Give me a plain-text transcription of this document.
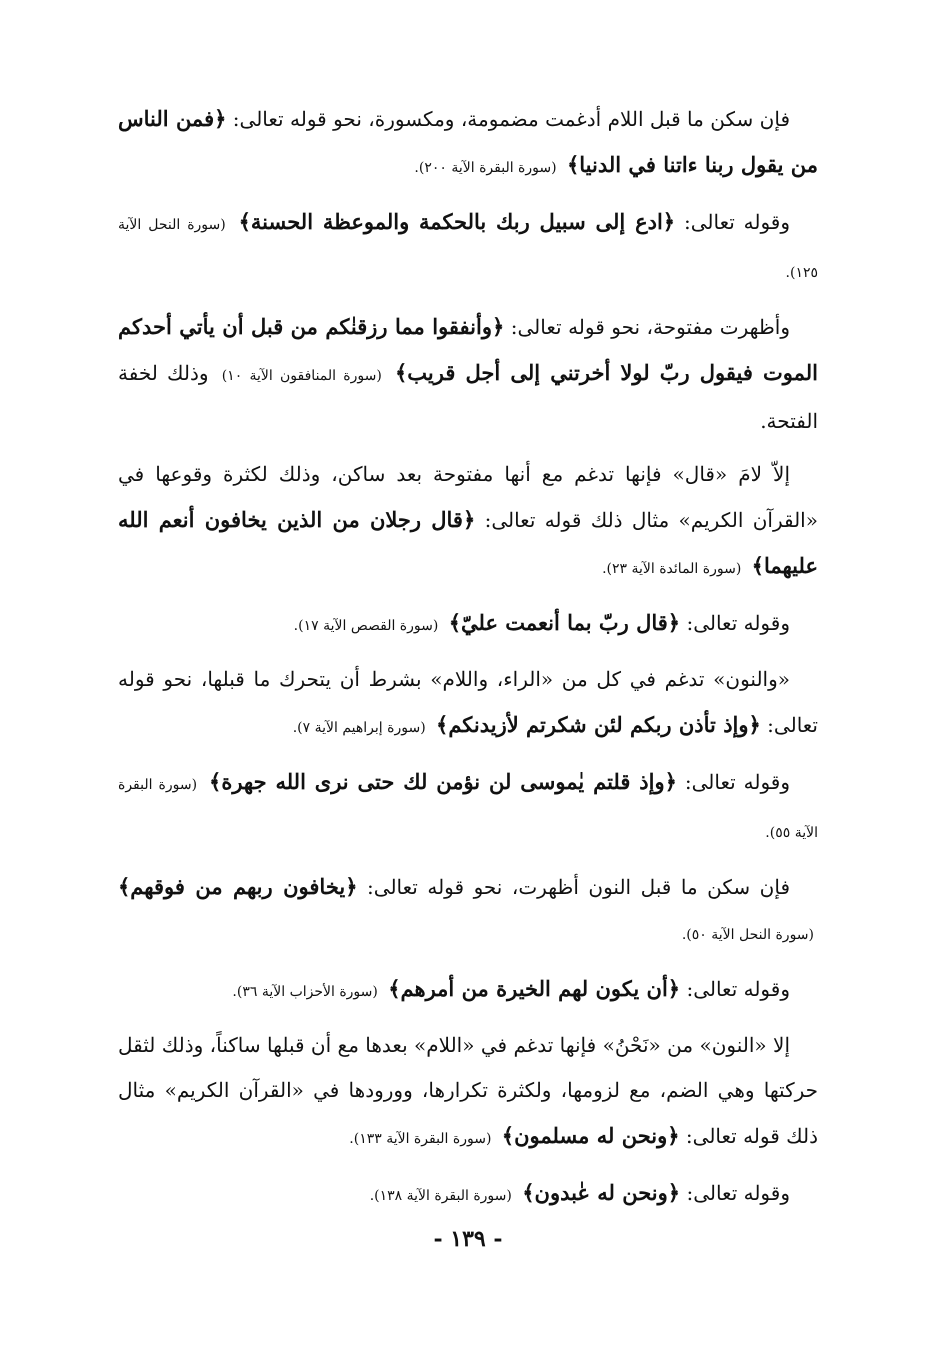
فإن سكن ما قبل اللام أدغمت مضمومة، ومكسورة، نحو قوله تعالى: ﴿فمن الناس من يقول ربنا ءاتنا في الدنيا﴾ (سورة البقرة الآية ٢٠٠).

وقوله تعالى: ﴿ادع إلى سبيل ربك بالحكمة والموعظة الحسنة﴾ (سورة النحل الآية ١٢٥).

وأظهرت مفتوحة، نحو قوله تعالى: ﴿وأنفقوا مما رزقنٰكم من قبل أن يأتي أحدكم الموت فيقول ربّ لولا أخرتني إلى أجل قريب﴾ (سورة المنافقون الآية ١٠) وذلك لخفة الفتحة.

إلاّ لامَ «قال» فإنها تدغم مع أنها مفتوحة بعد ساكن، وذلك لكثرة وقوعها في «القرآن الكريم» مثال ذلك قوله تعالى: ﴿قال رجلان من الذين يخافون أنعم الله عليهما﴾ (سورة المائدة الآية ٢٣).

وقوله تعالى: ﴿قال ربّ بما أنعمت عليّ﴾ (سورة القصص الآية ١٧).

«والنون» تدغم في كل من «الراء، واللام» بشرط أن يتحرك ما قبلها، نحو قوله تعالى: ﴿وإذ تأذن ربكم لئن شكرتم لأزيدنكم﴾ (سورة إبراهيم الآية ٧).

وقوله تعالى: ﴿وإذ قلتم يٰموسى لن نؤمن لك حتى نرى الله جهرة﴾ (سورة البقرة الآية ٥٥).

فإن سكن ما قبل النون أظهرت، نحو قوله تعالى: ﴿يخافون ربهم من فوقهم﴾ (سورة النحل الآية ٥٠).

وقوله تعالى: ﴿أن يكون لهم الخيرة من أمرهم﴾ (سورة الأحزاب الآية ٣٦).

إلا «النون» من «نَحْنُ» فإنها تدغم في «اللام» بعدها مع أن قبلها ساكناً، وذلك لثقل حركتها وهي الضم، مع لزومها، ولكثرة تكرارها، وورودها في «القرآن الكريم» مثال ذلك قوله تعالى: ﴿ونحن له مسلمون﴾ (سورة البقرة الآية ١٣٣).

وقوله تعالى: ﴿ونحن له عٰبدون﴾ (سورة البقرة الآية ١٣٨).

- ١٣٩ -
